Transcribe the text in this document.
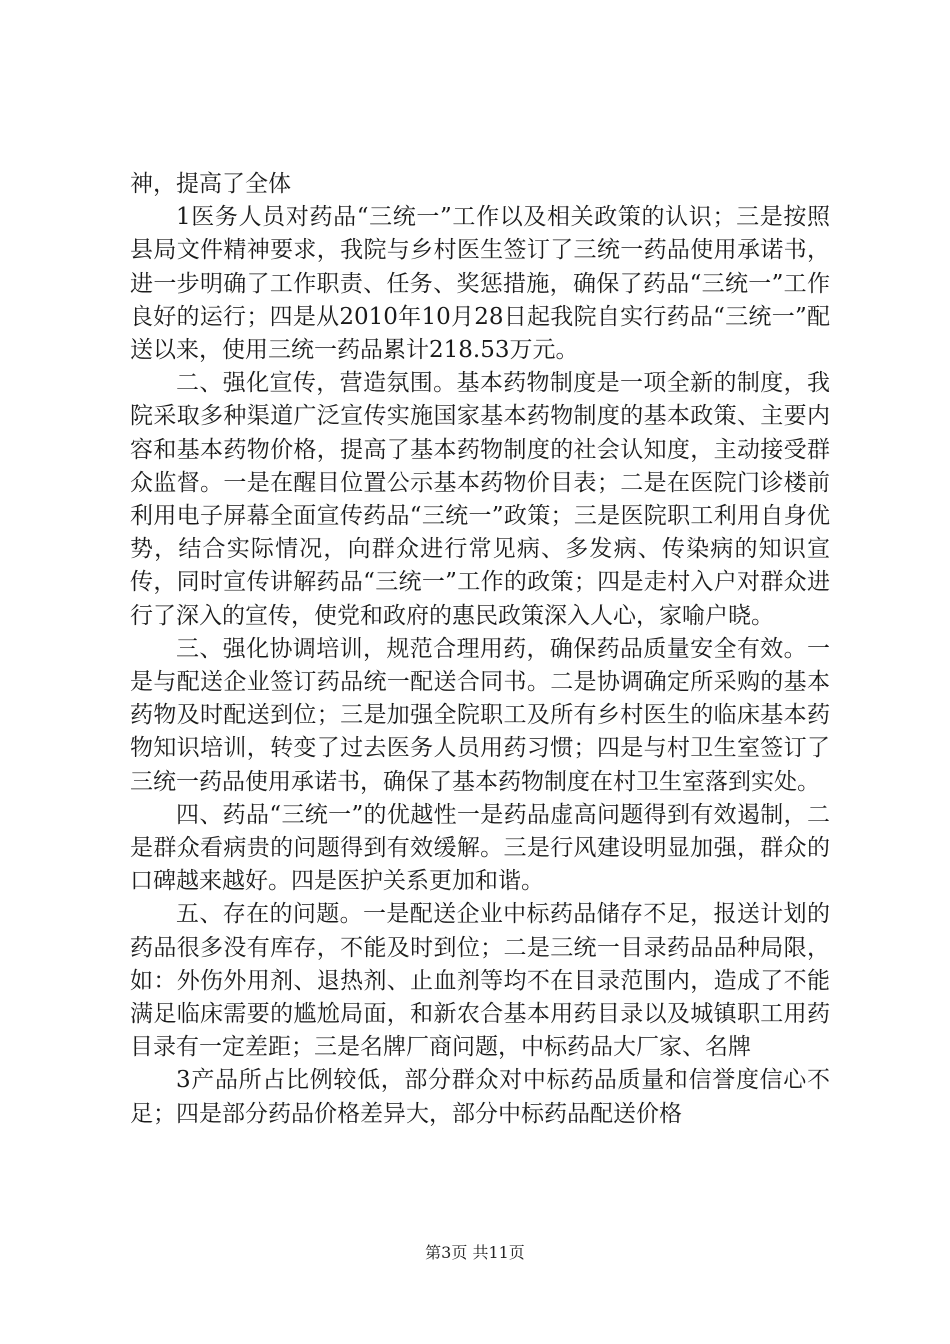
神，提高了全体

1医务人员对药品“三统一”工作以及相关政策的认识；三是按照县局文件精神要求，我院与乡村医生签订了三统一药品使用承诺书，进一步明确了工作职责、任务、奖惩措施，确保了药品“三统一”工作良好的运行；四是从2010年10月28日起我院自实行药品“三统一”配送以来，使用三统一药品累计218.53万元。

二、强化宣传，营造氛围。基本药物制度是一项全新的制度，我院采取多种渠道广泛宣传实施国家基本药物制度的基本政策、主要内容和基本药物价格，提高了基本药物制度的社会认知度，主动接受群众监督。一是在醒目位置公示基本药物价目表；二是在医院门诊楼前利用电子屏幕全面宣传药品“三统一”政策；三是医院职工利用自身优势，结合实际情况，向群众进行常见病、多发病、传染病的知识宣传，同时宣传讲解药品“三统一”工作的政策；四是走村入户对群众进行了深入的宣传，使党和政府的惠民政策深入人心，家喻户晓。

三、强化协调培训，规范合理用药，确保药品质量安全有效。一是与配送企业签订药品统一配送合同书。二是协调确定所采购的基本药物及时配送到位；三是加强全院职工及所有乡村医生的临床基本药物知识培训，转变了过去医务人员用药习惯；四是与村卫生室签订了三统一药品使用承诺书，确保了基本药物制度在村卫生室落到实处。

四、药品“三统一”的优越性一是药品虚高问题得到有效遏制，二是群众看病贵的问题得到有效缓解。三是行风建设明显加强，群众的口碑越来越好。四是医护关系更加和谐。

五、存在的问题。一是配送企业中标药品储存不足，报送计划的药品很多没有库存，不能及时到位；二是三统一目录药品品种局限，如：外伤外用剂、退热剂、止血剂等均不在目录范围内，造成了不能满足临床需要的尴尬局面，和新农合基本用药目录以及城镇职工用药目录有一定差距；三是名牌厂商问题，中标药品大厂家、名牌

3产品所占比例较低，部分群众对中标药品质量和信誉度信心不足；四是部分药品价格差异大，部分中标药品配送价格

第3页 共11页
